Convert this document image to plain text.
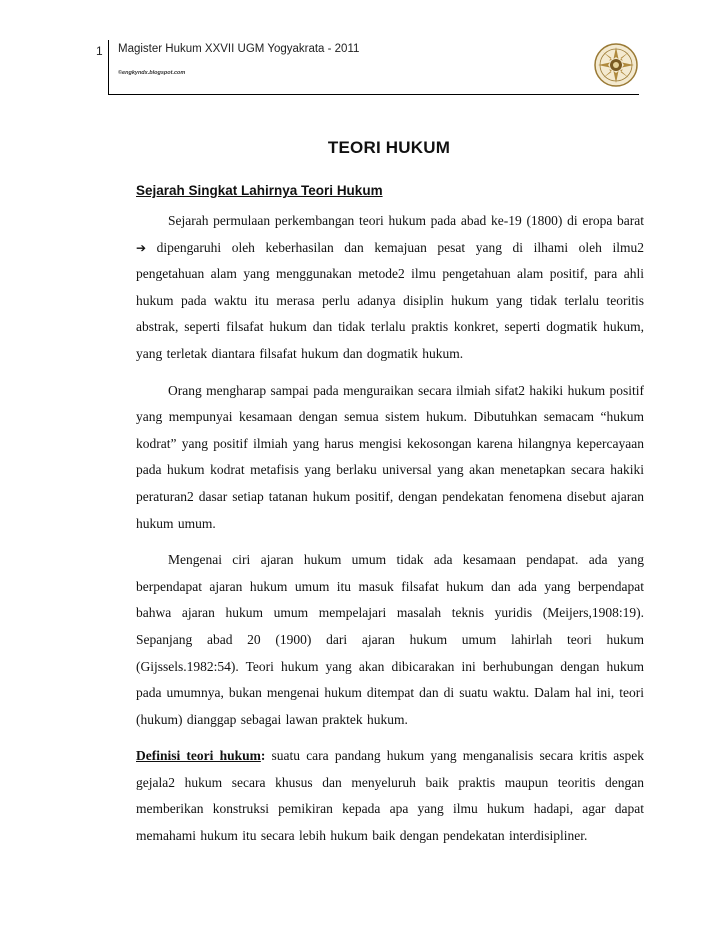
1 Magister Hukum XXVII UGM Yogyakrata - 2011
©engkyndx.blogspot.com
TEORI HUKUM
Sejarah Singkat Lahirnya Teori Hukum

Sejarah permulaan perkembangan teori hukum pada abad ke-19 (1800) di eropa barat ➔ dipengaruhi oleh keberhasilan dan kemajuan pesat yang di ilhami oleh ilmu2 pengetahuan alam yang menggunakan metode2 ilmu pengetahuan alam positif, para ahli hukum pada waktu itu merasa perlu adanya disiplin hukum yang tidak terlalu teoritis abstrak, seperti filsafat hukum dan tidak terlalu praktis konkret, seperti dogmatik hukum, yang terletak diantara filsafat hukum dan dogmatik hukum.

Orang mengharap sampai pada menguraikan secara ilmiah sifat2 hakiki hukum positif yang mempunyai kesamaan dengan semua sistem hukum. Dibutuhkan semacam “hukum kodrat” yang positif ilmiah yang harus mengisi kekosongan karena hilangnya kepercayaan pada hukum kodrat metafisis yang berlaku universal yang akan menetapkan secara hakiki peraturan2 dasar setiap tatanan hukum positif, dengan pendekatan fenomena disebut ajaran hukum umum.

Mengenai ciri ajaran hukum umum tidak ada kesamaan pendapat. ada yang berpendapat ajaran hukum umum itu masuk filsafat hukum dan ada yang berpendapat bahwa ajaran hukum umum mempelajari masalah teknis yuridis (Meijers,1908:19). Sepanjang abad 20 (1900) dari ajaran hukum umum lahirlah teori hukum (Gijssels.1982:54). Teori hukum yang akan dibicarakan ini berhubungan dengan hukum pada umumnya, bukan mengenai hukum ditempat dan di suatu waktu. Dalam hal ini, teori (hukum) dianggap sebagai lawan praktek hukum.

Definisi teori hukum: suatu cara pandang hukum yang menganalisis secara kritis aspek gejala2 hukum secara khusus dan menyeluruh baik praktis maupun teoritis dengan memberikan konstruksi pemikiran kepada apa yang ilmu hukum hadapi, agar dapat memahami hukum itu secara lebih hukum baik dengan pendekatan interdisipliner.
